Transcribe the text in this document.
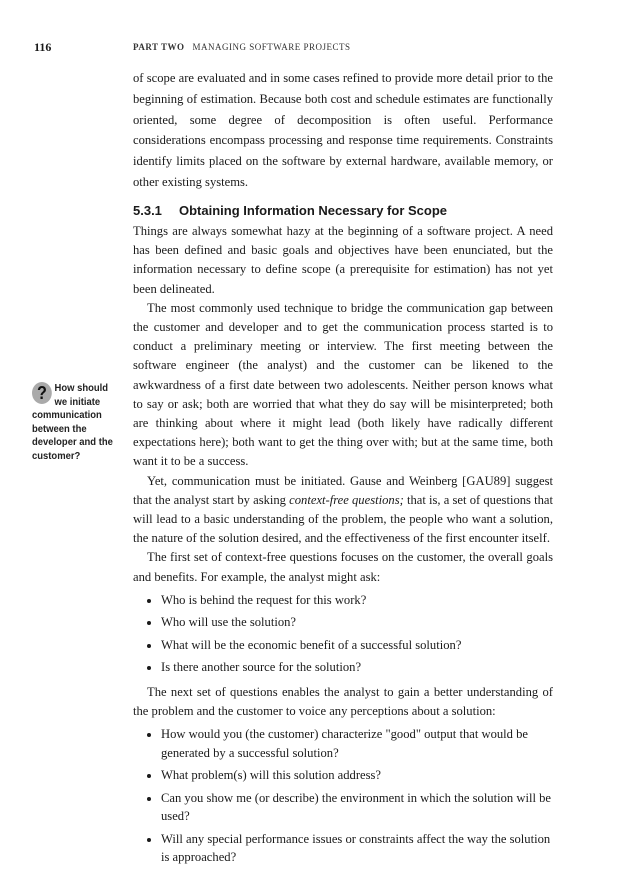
116	PART TWO MANAGING SOFTWARE PROJECTS
? How should we initiate communication between the developer and the customer?

of scope are evaluated and in some cases refined to provide more detail prior to the beginning of estimation. Because both cost and schedule estimates are functionally oriented, some degree of decomposition is often useful. Performance considerations encompass processing and response time requirements. Constraints identify limits placed on the software by external hardware, available memory, or other existing systems.

5.3.1 Obtaining Information Necessary for Scope

Things are always somewhat hazy at the beginning of a software project. A need has been defined and basic goals and objectives have been enunciated, but the information necessary to define scope (a prerequisite for estimation) has not yet been delineated.

The most commonly used technique to bridge the communication gap between the customer and developer and to get the communication process started is to conduct a preliminary meeting or interview. The first meeting between the software engineer (the analyst) and the customer can be likened to the awkwardness of a first date between two adolescents. Neither person knows what to say or ask; both are worried that what they do say will be misinterpreted; both are thinking about where it might lead (both likely have radically different expectations here); both want to get the thing over with; but at the same time, both want it to be a success.

Yet, communication must be initiated. Gause and Weinberg [GAU89] suggest that the analyst start by asking context-free questions; that is, a set of questions that will lead to a basic understanding of the problem, the people who want a solution, the nature of the solution desired, and the effectiveness of the first encounter itself.

The first set of context-free questions focuses on the customer, the overall goals and benefits. For example, the analyst might ask:

• Who is behind the request for this work?
• Who will use the solution?
• What will be the economic benefit of a successful solution?
• Is there another source for the solution?

The next set of questions enables the analyst to gain a better understanding of the problem and the customer to voice any perceptions about a solution:

• How would you (the customer) characterize "good" output that would be generated by a successful solution?
• What problem(s) will this solution address?
• Can you show me (or describe) the environment in which the solution will be used?
• Will any special performance issues or constraints affect the way the solution is approached?
